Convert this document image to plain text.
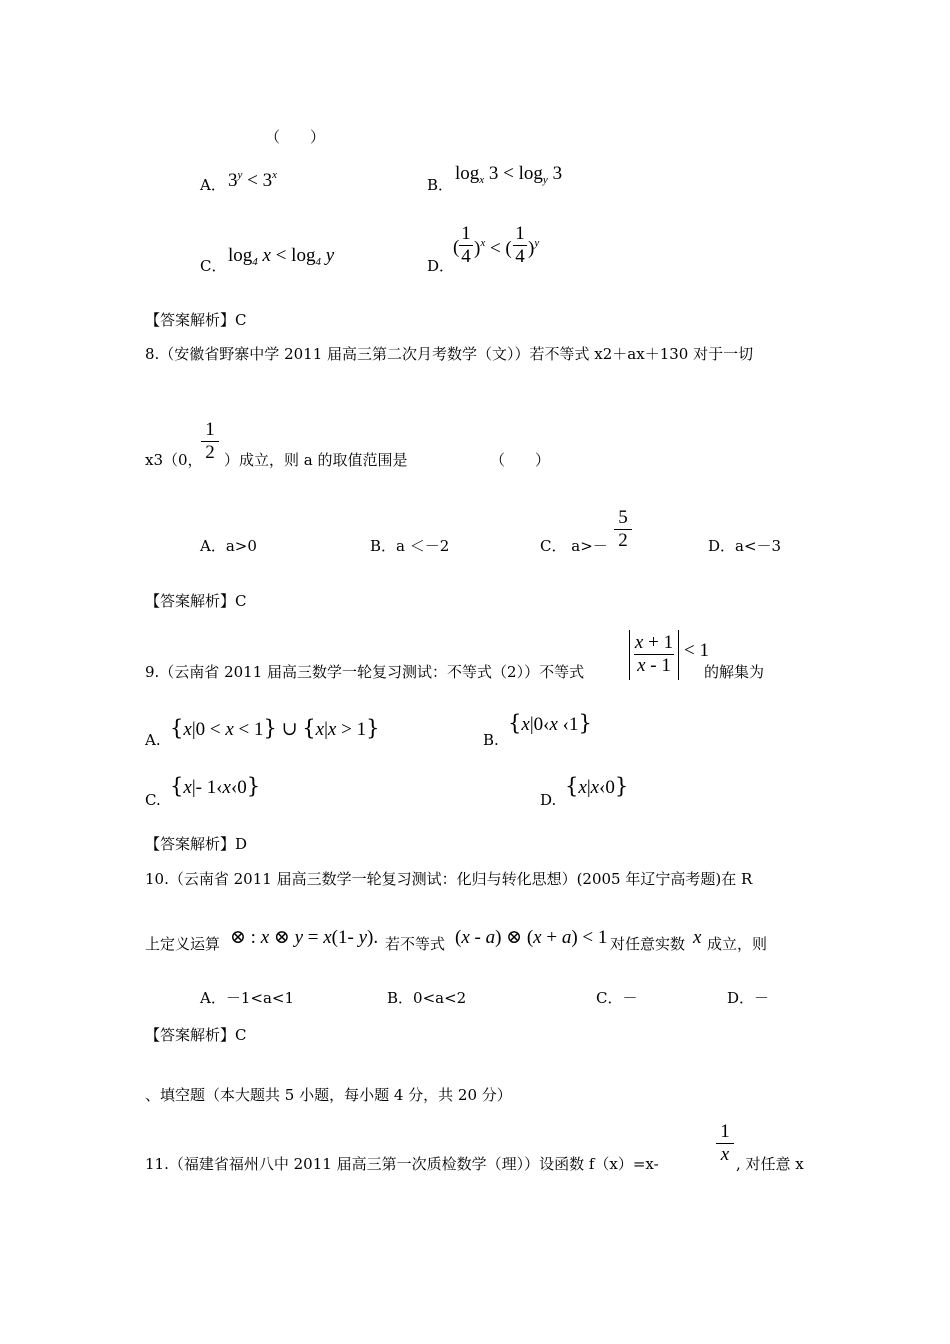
（　　）
A． $3^y < 3^x$
B．
$\log_x 3 < \log_y 3$
C． $\log_4 x < \log_4 y$	D．
(
1
4 )$^x$ < (
1
4 )$^y$
【答案解析】C
8.（安徽省野寨中学 2011 届高三第二次月考数学（文））若不等式 x2＋ax＋130 对于一切
x3（0，
1
2 ）成立，则 a 的取值范围是	（　　）
A．a>0	B．a ＜－2	C． a>－
5
2	D．a<－3
【答案解析】C
9.（云南省 2011 届高三数学一轮复习测试：不等式（2））不等式
x + 1
x - 1
< 1
的解集为
A. {x|0 < x < 1} ∪ {x|x > 1}	B.
{x|0‹x ‹1}
C.
{x|- 1‹x‹0}
D.
{x|x‹0}
【答案解析】D
10.（云南省 2011 届高三数学一轮复习测试：化归与转化思想）(2005 年辽宁高考题)在 R
上定义运算 ⊗ : x ⊗ y = x(1- y). 若不等式 (x - a) ⊗ (x + a) < 1 对任意实数 x 成立，则
A．－1<a<1	B．0<a<2	C．－	D．－
【答案解析】C
、填空题（本大题共 5 小题，每小题 4 分，共 20 分）
11.（福建省福州八中 2011 届高三第一次质检数学（理））设函数 f（x）=x-
1
x , 对任意 x
